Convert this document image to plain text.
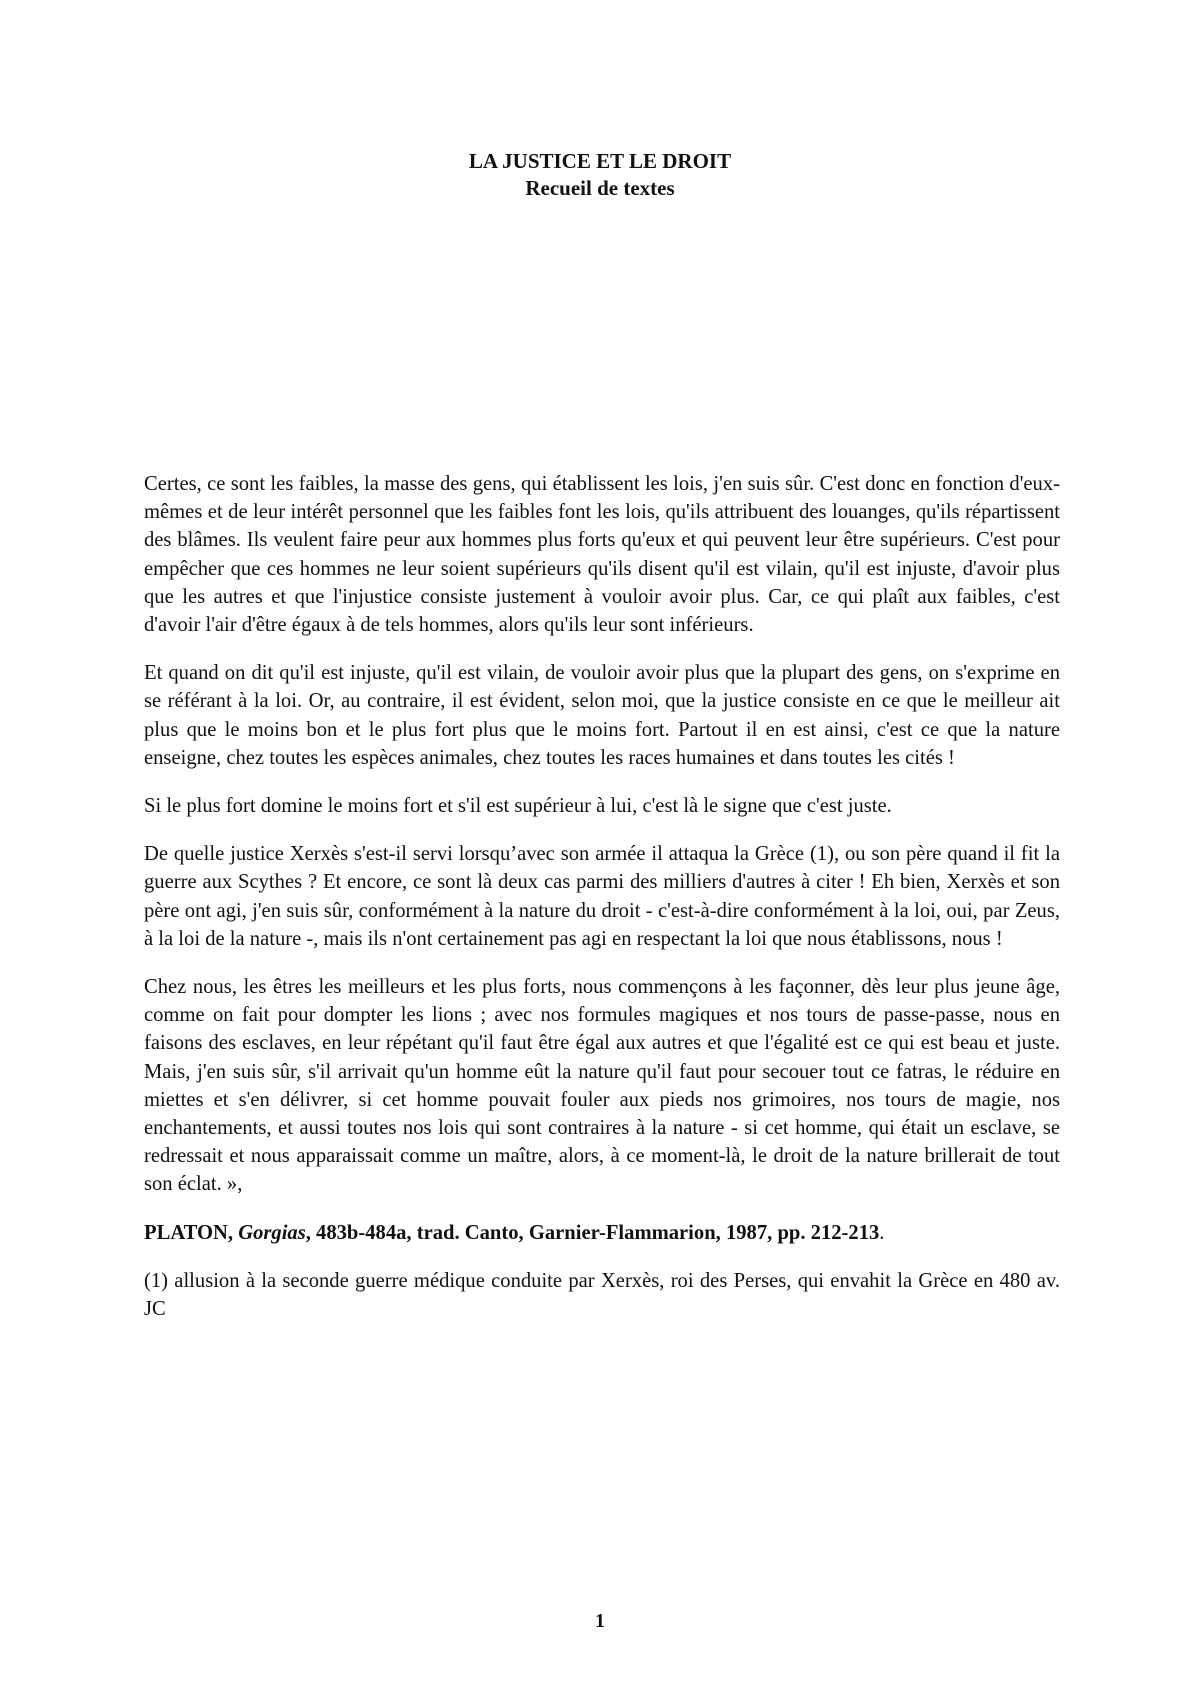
LA JUSTICE ET LE DROIT
Recueil de textes

Certes, ce sont les faibles, la masse des gens, qui établissent les lois, j'en suis sûr. C'est donc en fonction d'eux-mêmes et de leur intérêt personnel que les faibles font les lois, qu'ils attribuent des louanges, qu'ils répartissent des blâmes. Ils veulent faire peur aux hommes plus forts qu'eux et qui peuvent leur être supérieurs. C'est pour empêcher que ces hommes ne leur soient supérieurs qu'ils disent qu'il est vilain, qu'il est injuste, d'avoir plus que les autres et que l'injustice consiste justement à vouloir avoir plus. Car, ce qui plaît aux faibles, c'est d'avoir l'air d'être égaux à de tels hommes, alors qu'ils leur sont inférieurs.

Et quand on dit qu'il est injuste, qu'il est vilain, de vouloir avoir plus que la plupart des gens, on s'exprime en se référant à la loi. Or, au contraire, il est évident, selon moi, que la justice consiste en ce que le meilleur ait plus que le moins bon et le plus fort plus que le moins fort. Partout il en est ainsi, c'est ce que la nature enseigne, chez toutes les espèces animales, chez toutes les races humaines et dans toutes les cités !

Si le plus fort domine le moins fort et s'il est supérieur à lui, c'est là le signe que c'est juste.

De quelle justice Xerxès s'est-il servi lorsqu’avec son armée il attaqua la Grèce (1), ou son père quand il fit la guerre aux Scythes ? Et encore, ce sont là deux cas parmi des milliers d'autres à citer ! Eh bien, Xerxès et son père ont agi, j'en suis sûr, conformément à la nature du droit - c'est-à-dire conformément à la loi, oui, par Zeus, à la loi de la nature -, mais ils n'ont certainement pas agi en respectant la loi que nous établissons, nous !

Chez nous, les êtres les meilleurs et les plus forts, nous commençons à les façonner, dès leur plus jeune âge, comme on fait pour dompter les lions ; avec nos formules magiques et nos tours de passe-passe, nous en faisons des esclaves, en leur répétant qu'il faut être égal aux autres et que l'égalité est ce qui est beau et juste. Mais, j'en suis sûr, s'il arrivait qu'un homme eût la nature qu'il faut pour secouer tout ce fatras, le réduire en miettes et s'en délivrer, si cet homme pouvait fouler aux pieds nos grimoires, nos tours de magie, nos enchantements, et aussi toutes nos lois qui sont contraires à la nature - si cet homme, qui était un esclave, se redressait et nous apparaissait comme un maître, alors, à ce moment-là, le droit de la nature brillerait de tout son éclat. »,

PLATON, Gorgias, 483b-484a, trad. Canto, Garnier-Flammarion, 1987, pp. 212-213.

(1) allusion à la seconde guerre médique conduite par Xerxès, roi des Perses, qui envahit la Grèce en 480 av. JC

1
